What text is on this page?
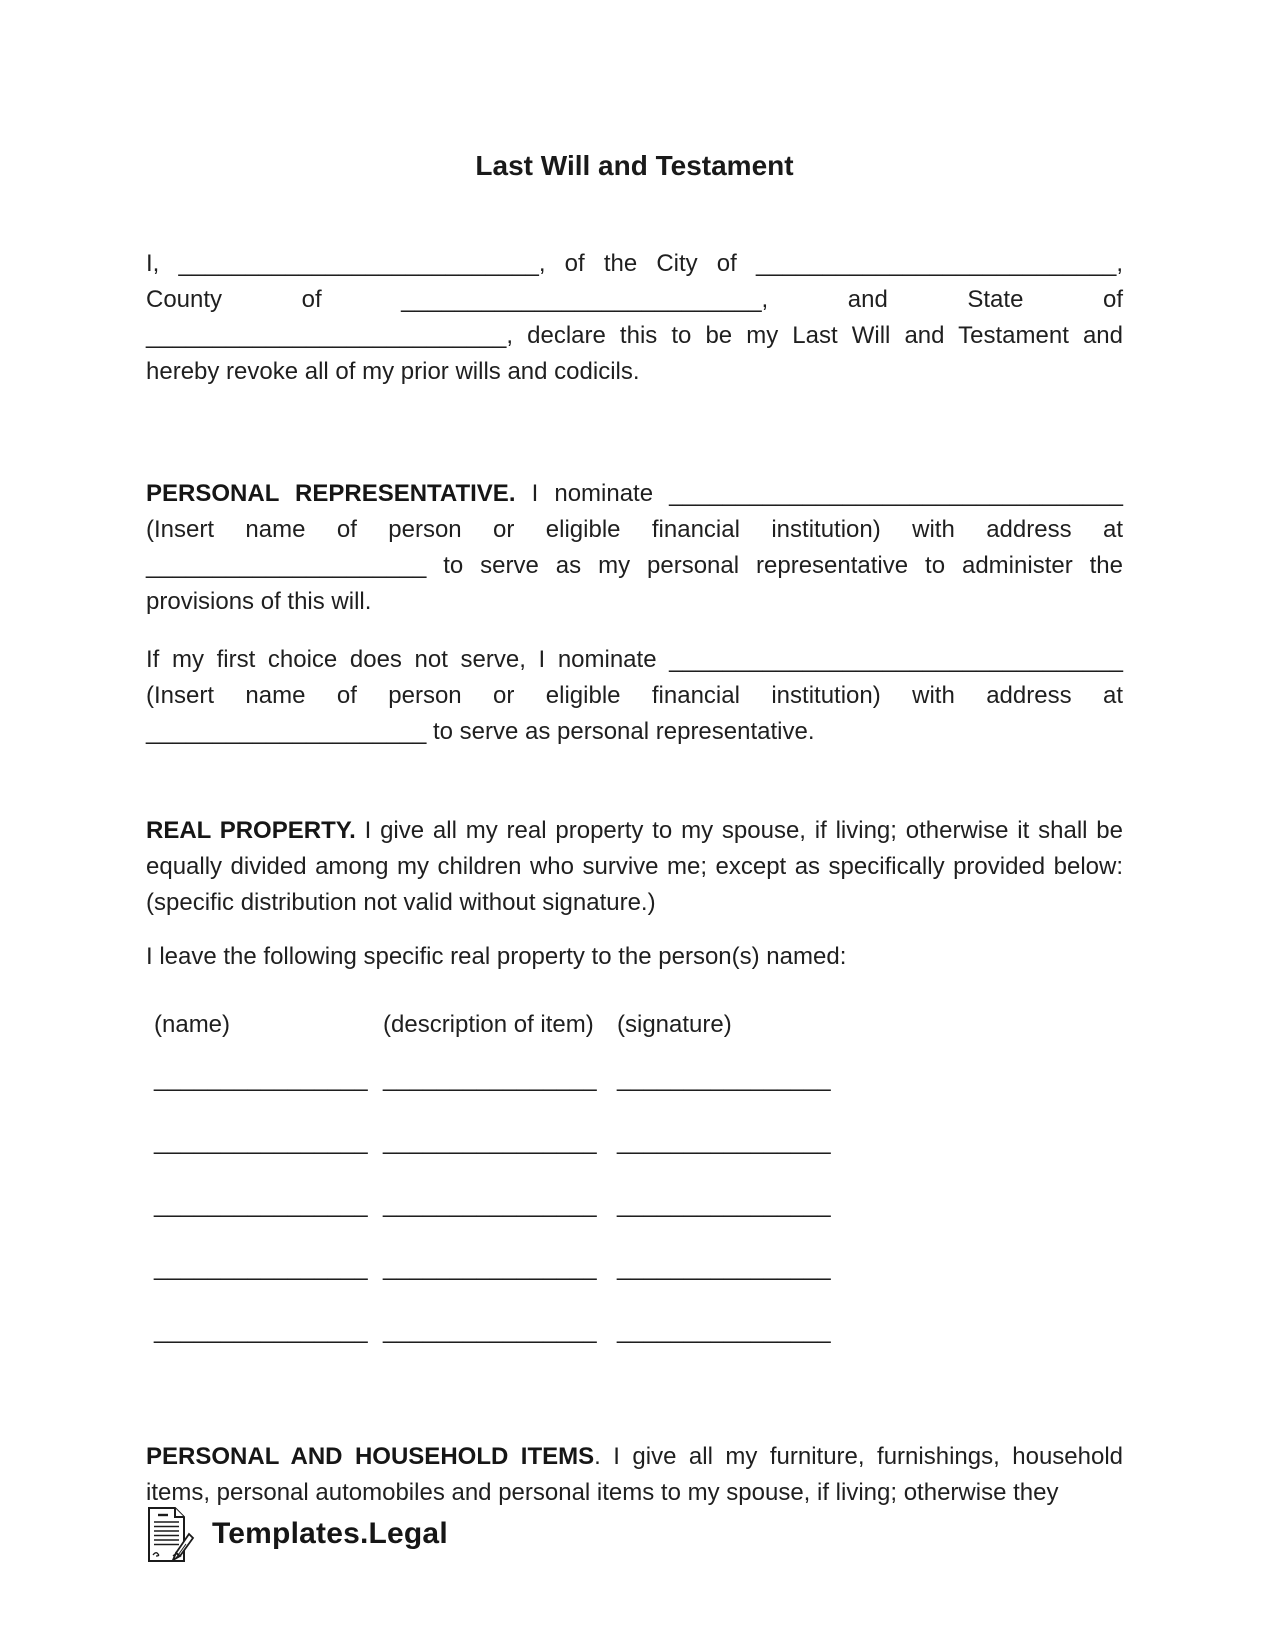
Last Will and Testament

I, ___________________________, of the City of ___________________________, County of ___________________________, and State of ___________________________, declare this to be my Last Will and Testament and hereby revoke all of my prior wills and codicils.

PERSONAL REPRESENTATIVE. I nominate __________________________________ (Insert name of person or eligible financial institution) with address at _____________________ to serve as my personal representative to administer the provisions of this will.

If my first choice does not serve, I nominate __________________________________ (Insert name of person or eligible financial institution) with address at _____________________ to serve as personal representative.

REAL PROPERTY. I give all my real property to my spouse, if living; otherwise it shall be equally divided among my children who survive me; except as specifically provided below: (specific distribution not valid without signature.)

I leave the following specific real property to the person(s) named:

(name)	(description of item) (signature)
________________ ________________ ________________
________________ ________________ ________________
________________ ________________ ________________
________________ ________________ ________________
________________ ________________ ________________

PERSONAL AND HOUSEHOLD ITEMS. I give all my furniture, furnishings, household items, personal automobiles and personal items to my spouse, if living; otherwise they

Templates.Legal
